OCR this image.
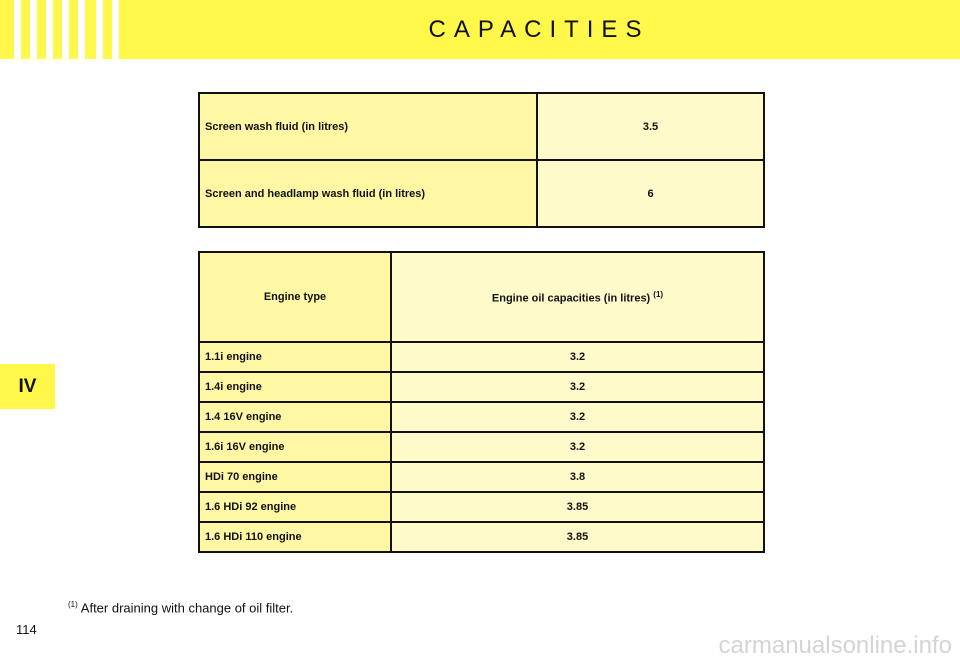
CAPACITIES
IV
Screen wash fluid (in litres)	3.5
Screen and headlamp wash fluid (in litres)	6
Engine type	Engine oil capacities (in litres) $^{(1)}$
1.1i engine	3.2
1.4i engine	3.2
1.4 16V engine	3.2
1.6i 16V engine	3.2
HDi 70 engine	3.8
1.6 HDi 92 engine	3.85
1.6 HDi 110 engine	3.85
$^{(1)}$ After draining with change of oil filter.
114
carmanualsonline.info
